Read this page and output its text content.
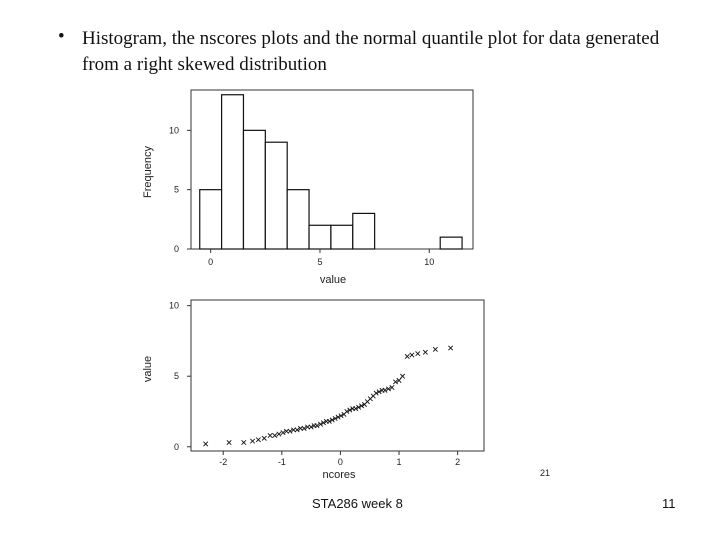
• Histogram, the nscores plots and the normal quantile plot for data generated from a right skewed distribution
0	5	10
0
5
10
value
Frequency
-2	-1	0	1	2
0
5
10
ncores
value
21
STA286 week 8	11
